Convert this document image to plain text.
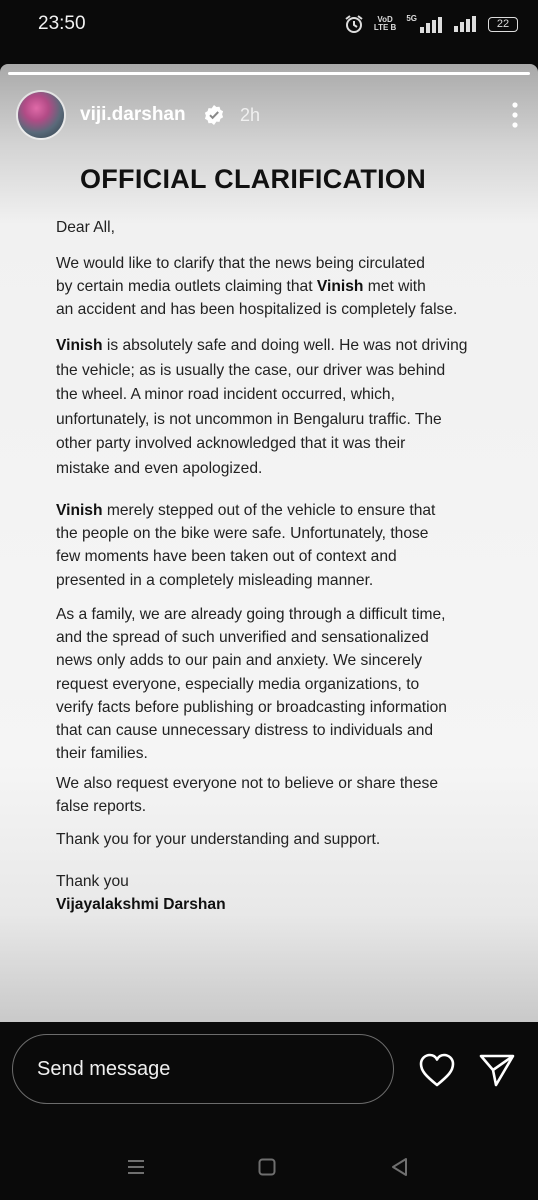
23:50	VoD
LTE B
5G	22
viji.darshan	2h
OFFICIAL CLARIFICATION
Dear All,
We would like to clarify that the news being circulated
by certain media outlets claiming that Vinish met with
an accident and has been hospitalized is completely false.
Vinish is absolutely safe and doing well. He was not driving
the vehicle; as is usually the case, our driver was behind
the wheel. A minor road incident occurred, which,
unfortunately, is not uncommon in Bengaluru traffic. The
other party involved acknowledged that it was their
mistake and even apologized.
Vinish merely stepped out of the vehicle to ensure that
the people on the bike were safe. Unfortunately, those
few moments have been taken out of context and
presented in a completely misleading manner.
As a family, we are already going through a difficult time,
and the spread of such unverified and sensationalized
news only adds to our pain and anxiety. We sincerely
request everyone, especially media organizations, to
verify facts before publishing or broadcasting information
that can cause unnecessary distress to individuals and
their families.
We also request everyone not to believe or share these
false reports.
Thank you for your understanding and support.
Thank you
Vijayalakshmi Darshan
Send message
